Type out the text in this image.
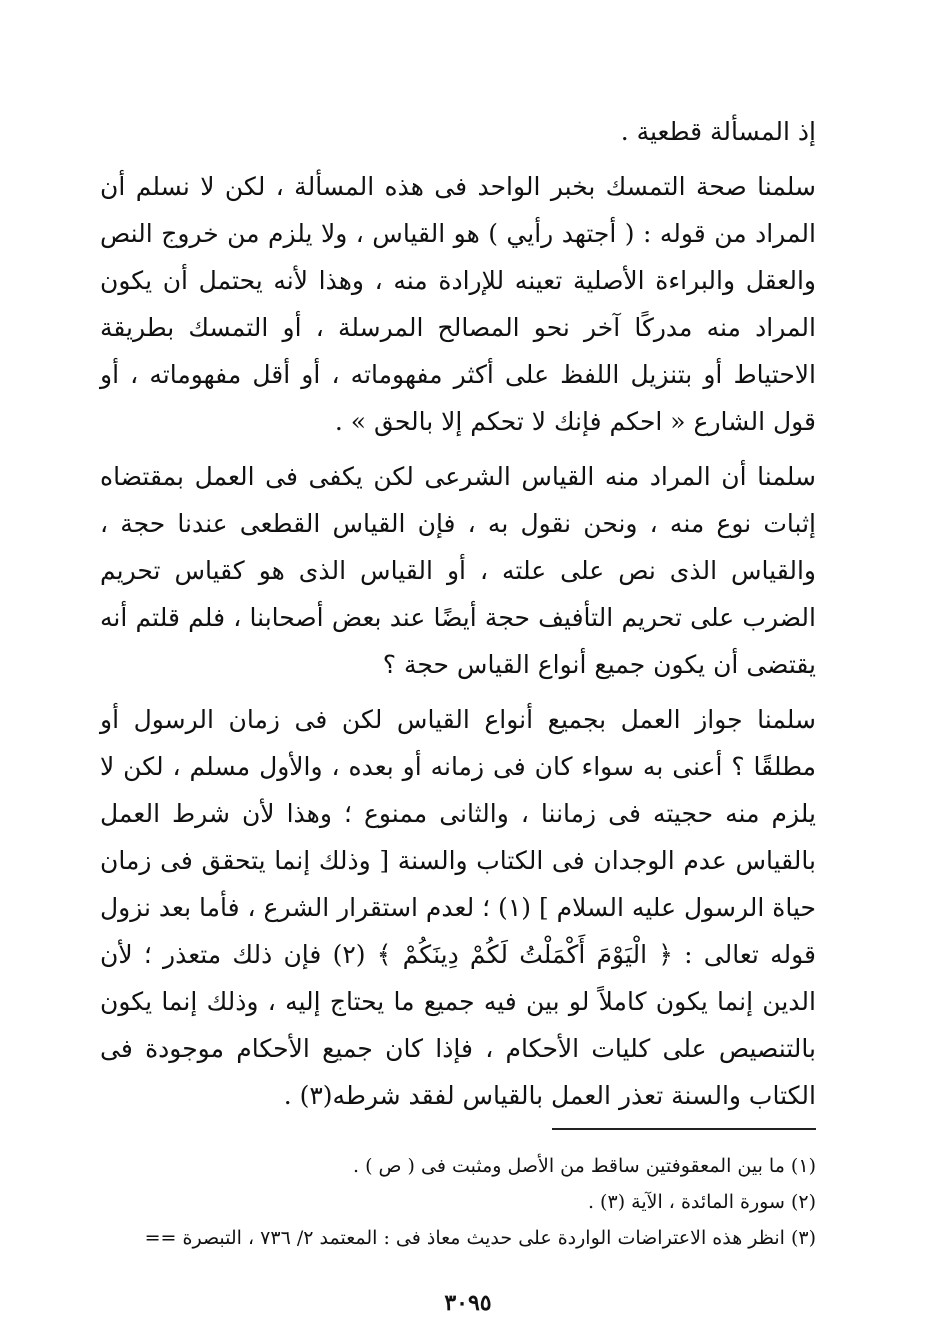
إذ المسألة قطعية .

سلمنا صحة التمسك بخبر الواحد فى هذه المسألة ، لكن لا نسلم أن المراد من قوله : ( أجتهد رأيي ) هو القياس ، ولا يلزم من خروج النص والعقل والبراءة الأصلية تعينه للإرادة منه ، وهذا لأنه يحتمل أن يكون المراد منه مدركًا آخر نحو المصالح المرسلة ، أو التمسك بطريقة الاحتياط أو بتنزيل اللفظ على أكثر مفهوماته ، أو أقل مفهوماته ، أو قول الشارع « احكم فإنك لا تحكم إلا بالحق » .

سلمنا أن المراد منه القياس الشرعى لكن يكفى فى العمل بمقتضاه إثبات نوع منه ، ونحن نقول به ، فإن القياس القطعى عندنا حجة ، والقياس الذى نص على علته ، أو القياس الذى هو كقياس تحريم الضرب على تحريم التأفيف حجة أيضًا عند بعض أصحابنا ، فلم قلتم أنه يقتضى أن يكون جميع أنواع القياس حجة ؟

سلمنا جواز العمل بجميع أنواع القياس لكن فى زمان الرسول أو مطلقًا ؟ أعنى به سواء كان فى زمانه أو بعده ، والأول مسلم ، لكن لا يلزم منه حجيته فى زماننا ، والثانى ممنوع ؛ وهذا لأن شرط العمل بالقياس عدم الوجدان فى الكتاب والسنة [ وذلك إنما يتحقق فى زمان حياة الرسول عليه السلام ] (١) ؛ لعدم استقرار الشرع ، فأما بعد نزول قوله تعالى : ﴿ الْيَوْمَ أَكْمَلْتُ لَكُمْ دِينَكُمْ ﴾ (٢) فإن ذلك متعذر ؛ لأن الدين إنما يكون كاملاً لو بين فيه جميع ما يحتاج إليه ، وذلك إنما يكون بالتنصيص على كليات الأحكام ، فإذا كان جميع الأحكام موجودة فى الكتاب والسنة تعذر العمل بالقياس لفقد شرطه(٣) .

(١) ما بين المعقوفتين ساقط من الأصل ومثبت فى ( ص ) .

(٢) سورة المائدة ، الآية (٣) .

(٣) انظر هذه الاعتراضات الواردة على حديث معاذ فى : المعتمد ٢/ ٧٣٦ ، التبصرة ==

٣٠٩٥
